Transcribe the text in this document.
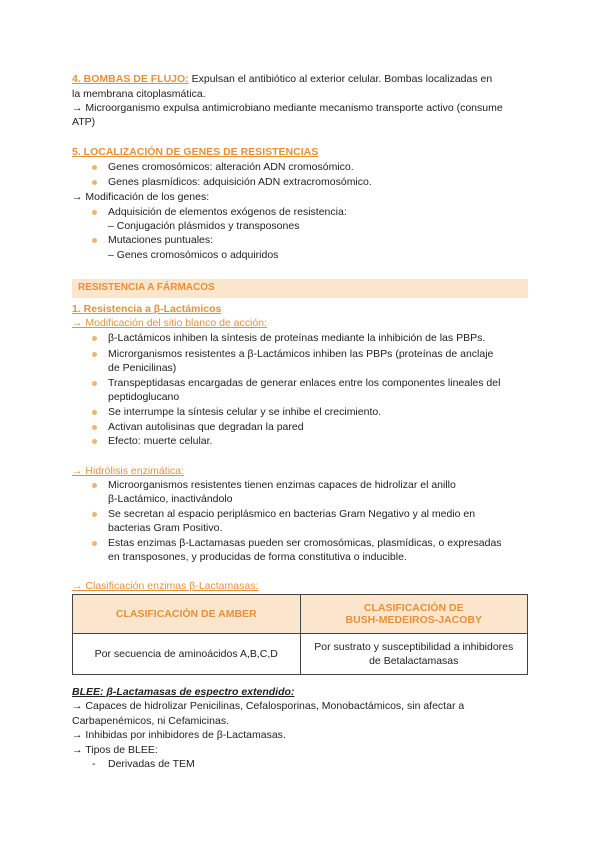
4. BOMBAS DE FLUJO: Expulsan el antibiótico al exterior celular. Bombas localizadas en
la membrana citoplasmática.
→ Microorganismo expulsa antimicrobiano mediante mecanismo transporte activo (consume
ATP)
5. LOCALIZACIÓN DE GENES DE RESISTENCIAS
Genes cromosómicos: alteración ADN cromosómico.
Genes plasmídicos: adquisición ADN extracromosómico.
→ Modificación de los genes:
Adquisición de elementos exógenos de resistencia:
– Conjugación plásmidos y transposones
Mutaciones puntuales:
– Genes cromosómicos o adquiridos
RESISTENCIA A FÁRMACOS
1. Resistencia a β-Lactámicos
→ Modificación del sitio blanco de acción:
β-Lactámicos inhiben la síntesis de proteínas mediante la inhibición de las PBPs.
Microrganismos resistentes a β-Lactámicos inhiben las PBPs (proteínas de anclaje
de Penicilinas)
Transpeptidasas encargadas de generar enlaces entre los componentes lineales del
peptidoglucano
Se interrumpe la síntesis celular y se inhibe el crecimiento.
Activan autolisinas que degradan la pared
Efecto: muerte celular.
→ Hidrólisis enzimática:
Microorganismos resistentes tienen enzimas capaces de hidrolizar el anillo
β-Lactámico, inactivándolo
Se secretan al espacio periplásmico en bacterias Gram Negativo y al medio en
bacterias Gram Positivo.
Estas enzimas β-Lactamasas pueden ser cromosómicas, plasmídicas, o expresadas
en transposones, y producidas de forma constitutiva o inducible.
→ Clasificación enzimas β-Lactamasas:
CLASIFICACIÓN DE AMBER	CLASIFICACIÓN DE
BUSH-MEDEIROS-JACOBY

Por secuencia de aminoácidos A,B,C,D	Por sustrato y susceptibilidad a inhibidores
de Betalactamasas
BLEE: β-Lactamasas de espectro extendido:
→ Capaces de hidrolizar Penicilinas, Cefalosporinas, Monobactámicos, sin afectar a
Carbapenémicos, ni Cefamicinas.
→ Inhibidas por inhibidores de β-Lactamasas.
→ Tipos de BLEE:
- Derivadas de TEM
